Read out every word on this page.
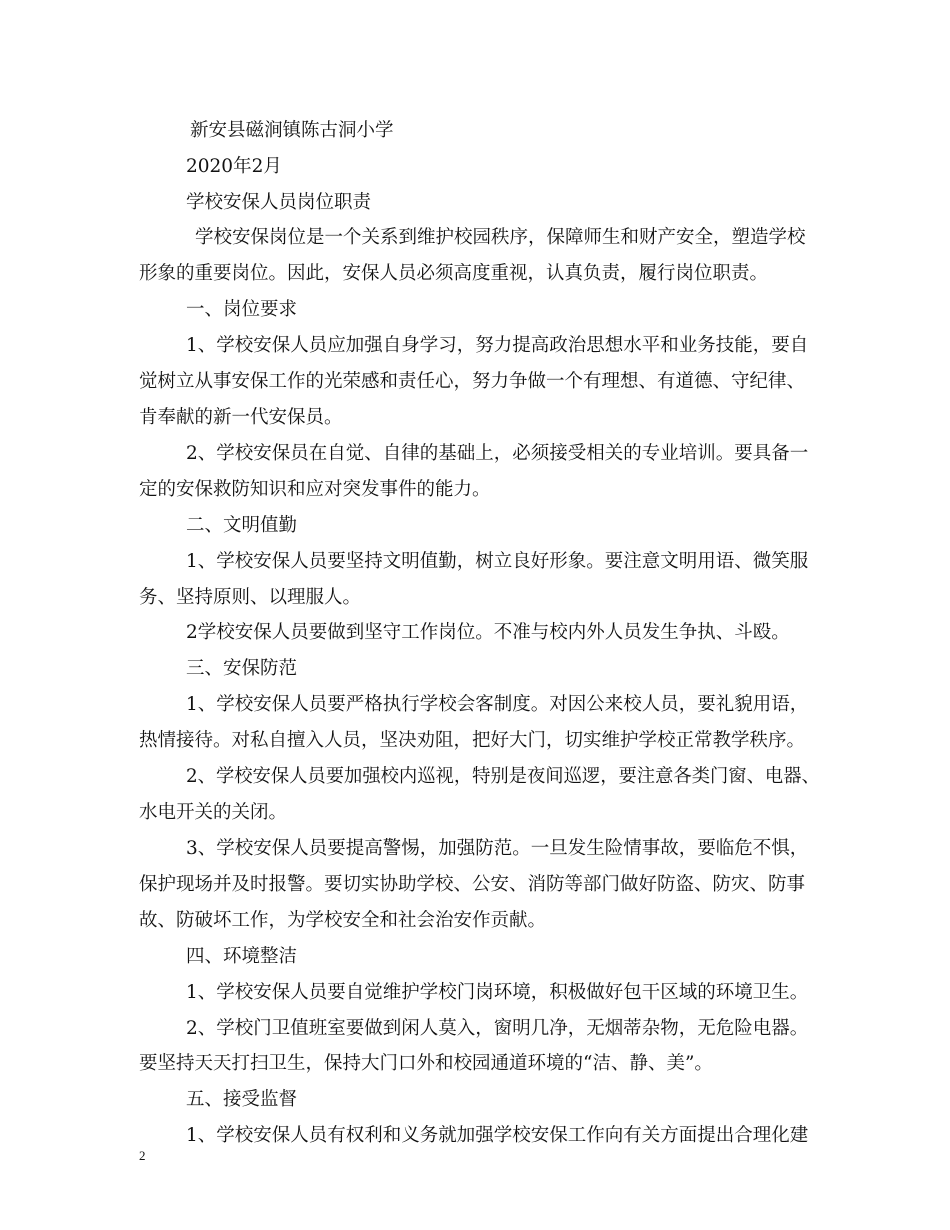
新安县磁涧镇陈古洞小学
2020年2月
学校安保人员岗位职责
学校安保岗位是一个关系到维护校园秩序，保障师生和财产安全，塑造学校
形象的重要岗位。因此，安保人员必须高度重视，认真负责，履行岗位职责。
一、岗位要求
1、学校安保人员应加强自身学习，努力提高政治思想水平和业务技能，要自
觉树立从事安保工作的光荣感和责任心，努力争做一个有理想、有道德、守纪律、
肯奉献的新一代安保员。
2、学校安保员在自觉、自律的基础上，必须接受相关的专业培训。要具备一
定的安保救防知识和应对突发事件的能力。
二、文明值勤
1、学校安保人员要坚持文明值勤，树立良好形象。要注意文明用语、微笑服
务、坚持原则、以理服人。
2学校安保人员要做到坚守工作岗位。不准与校内外人员发生争执、斗殴。
三、安保防范
1、学校安保人员要严格执行学校会客制度。对因公来校人员，要礼貌用语，
热情接待。对私自擅入人员，坚决劝阻，把好大门，切实维护学校正常教学秩序。
2、学校安保人员要加强校内巡视，特别是夜间巡逻，要注意各类门窗、电器、
水电开关的关闭。
3、学校安保人员要提高警惕，加强防范。一旦发生险情事故，要临危不惧，
保护现场并及时报警。要切实协助学校、公安、消防等部门做好防盗、防灾、防事
故、防破坏工作，为学校安全和社会治安作贡献。
四、环境整洁
1、学校安保人员要自觉维护学校门岗环境，积极做好包干区域的环境卫生。
2、学校门卫值班室要做到闲人莫入，窗明几净，无烟蒂杂物，无危险电器。
要坚持天天打扫卫生，保持大门口外和校园通道环境的“洁、静、美”。
五、接受监督
1、学校安保人员有权利和义务就加强学校安保工作向有关方面提出合理化建
2
